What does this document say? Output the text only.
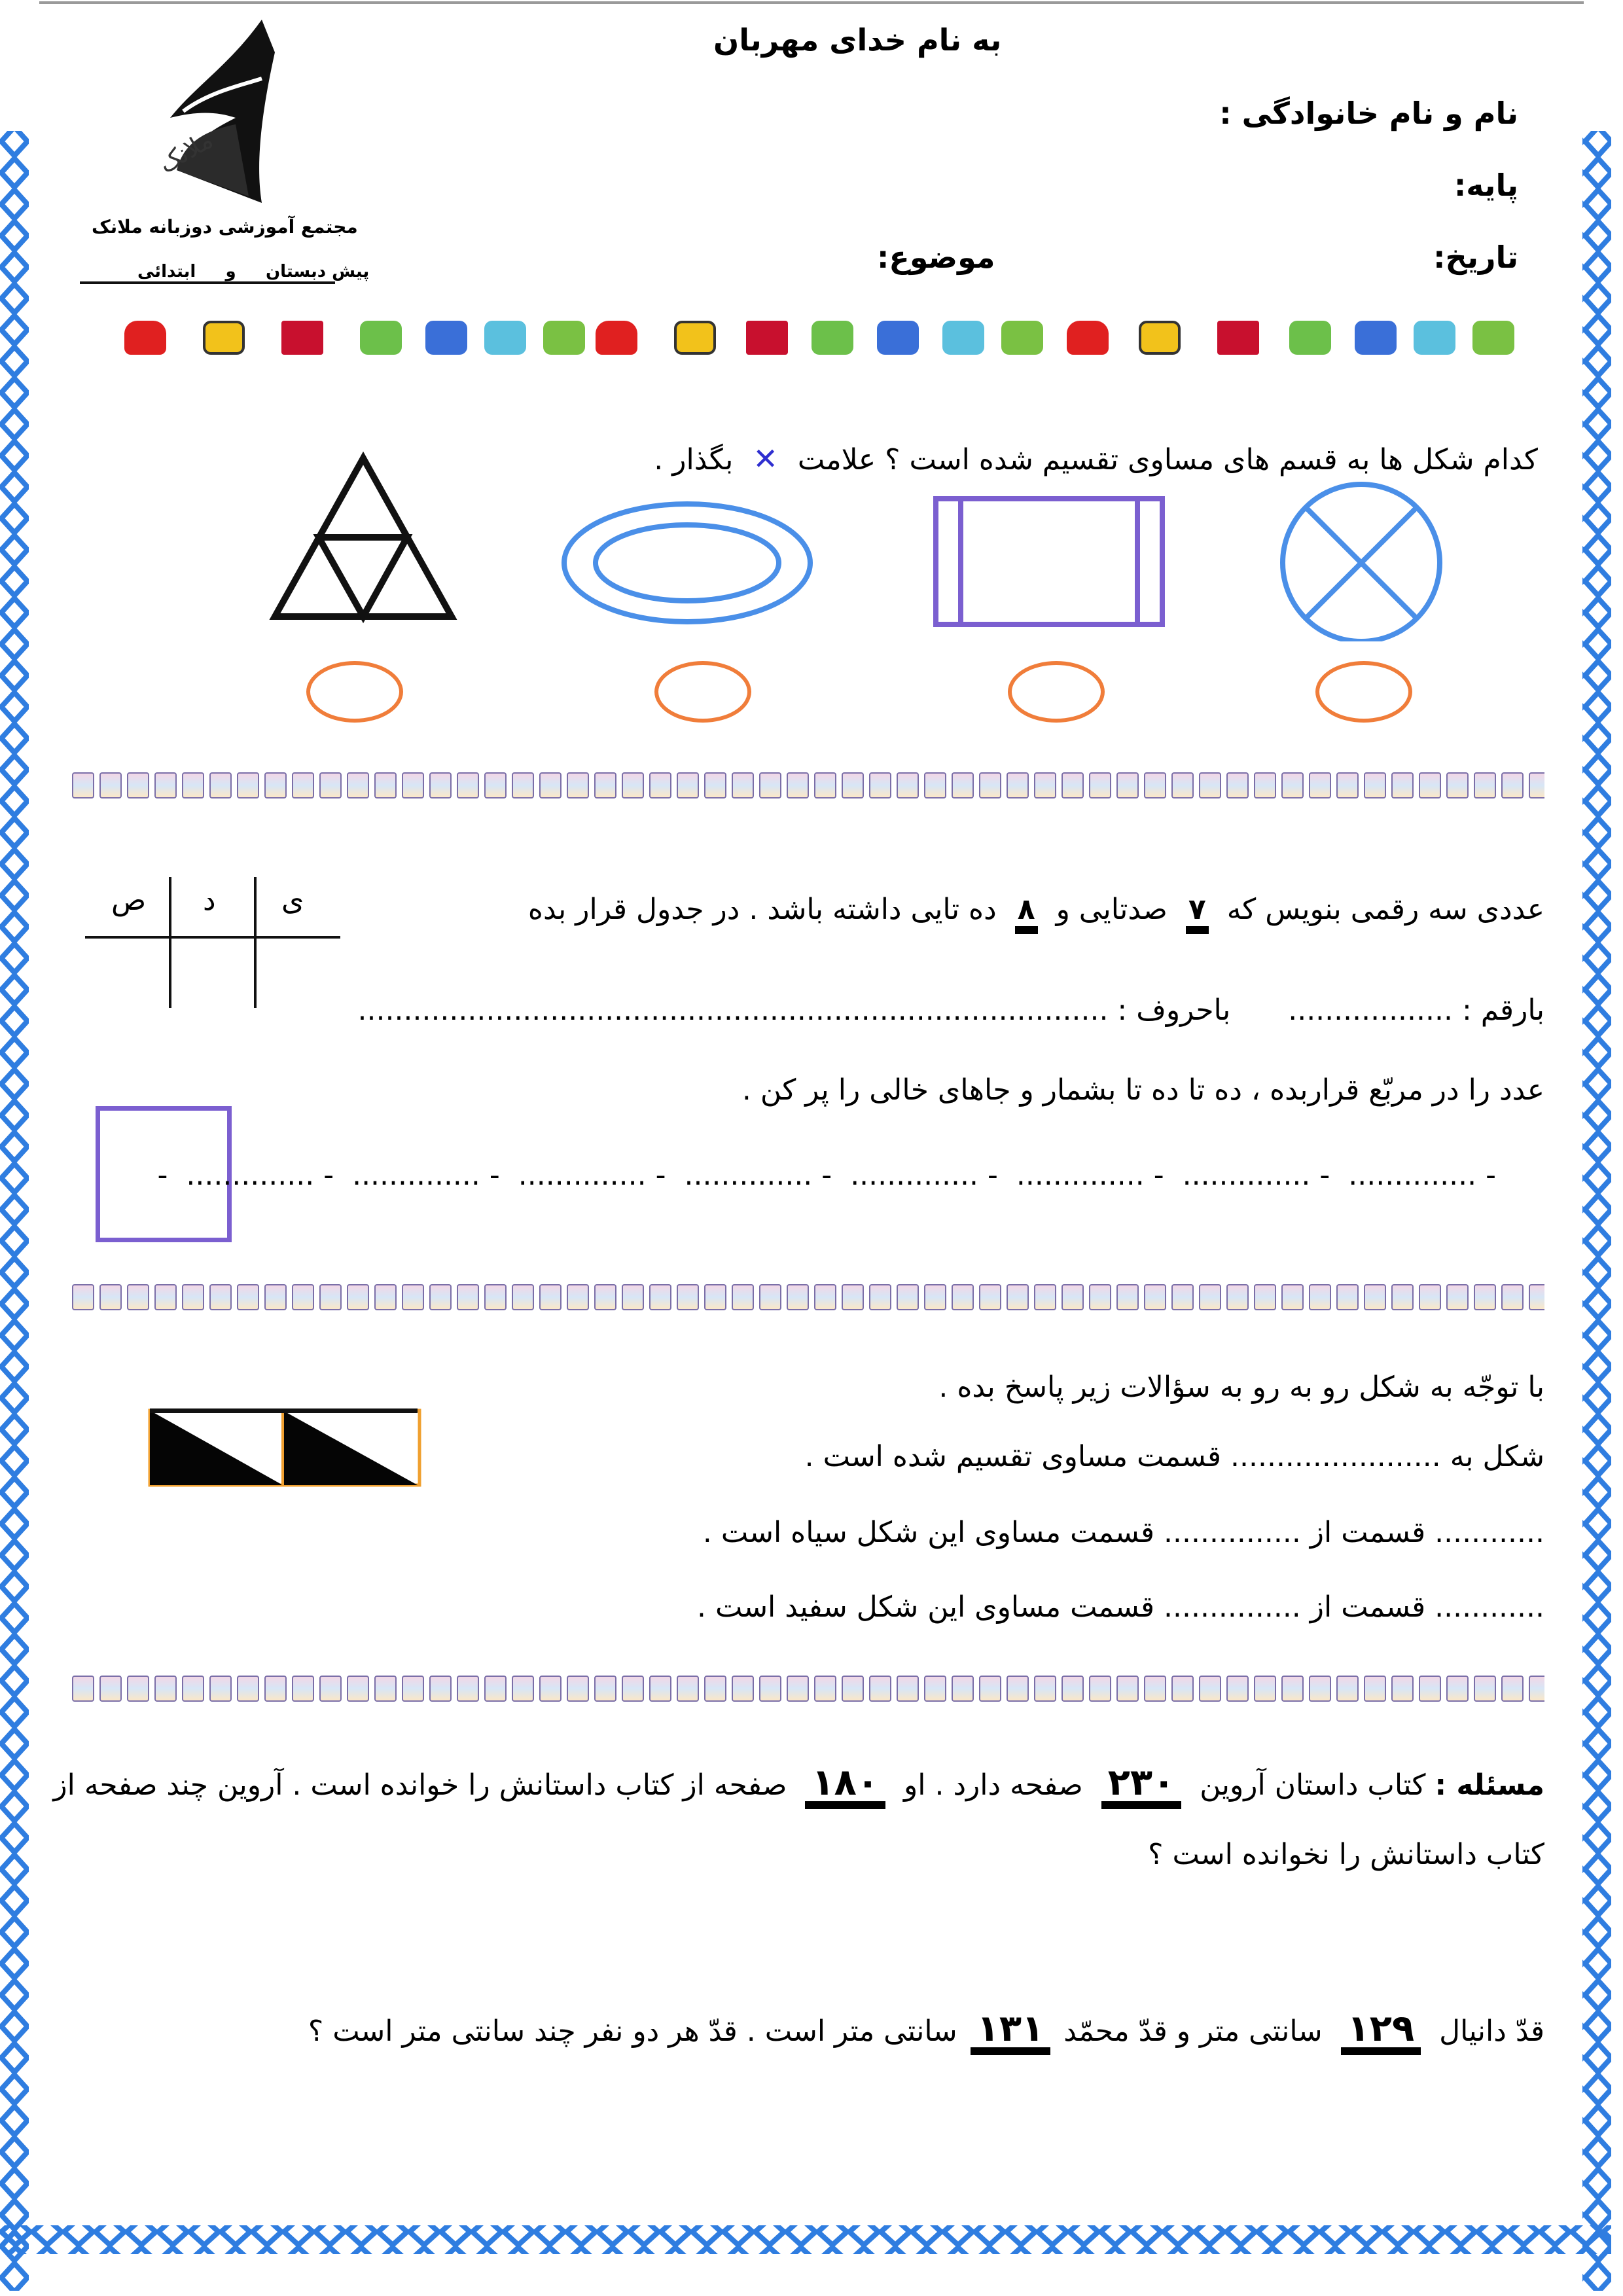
به نام خدای مهربان
نام و نام خانوادگی :
پایه:
تاریخ:
موضوع:
ملانک
مجتمع آموزشی دوزبانه ملانک
پیش دبستان     و     ابتدائی
کدام شکل ها به قسم های مساوی تقسیم شده است ؟ علامت ✕ بگذار .
عددی سه رقمی بنویس که ۷ صدتایی و ۸ ده تایی داشته باشد . در جدول قرار بده
ی
د
ص
بارقم : ..................  باحروف : ..................................................................................
عدد را در مربّع قراربده ، ده تا ده تا بشمار و جاهای خالی را پر کن .
-.............. -.............. -.............. -.............. -.............. -.............. -.............. -.............. -
با توجّه به شکل رو به رو به سؤالات زیر پاسخ بده .
شکل به ....................... قسمت مساوی تقسیم شده است .
............ قسمت از ............... قسمت مساوی این شکل سیاه است .
............ قسمت از ............... قسمت مساوی این شکل سفید است .
مسئله : کتاب داستان آروین ۲۳۰ صفحه دارد . او ۱۸۰ صفحه از کتاب داستانش را خوانده است . آروین چند صفحه از
کتاب داستانش را نخوانده است ؟
قدّ دانیال ۱۲۹ سانتی متر و قدّ محمّد ۱۳۱ سانتی متر است . قدّ هر دو نفر چند سانتی متر است ؟
